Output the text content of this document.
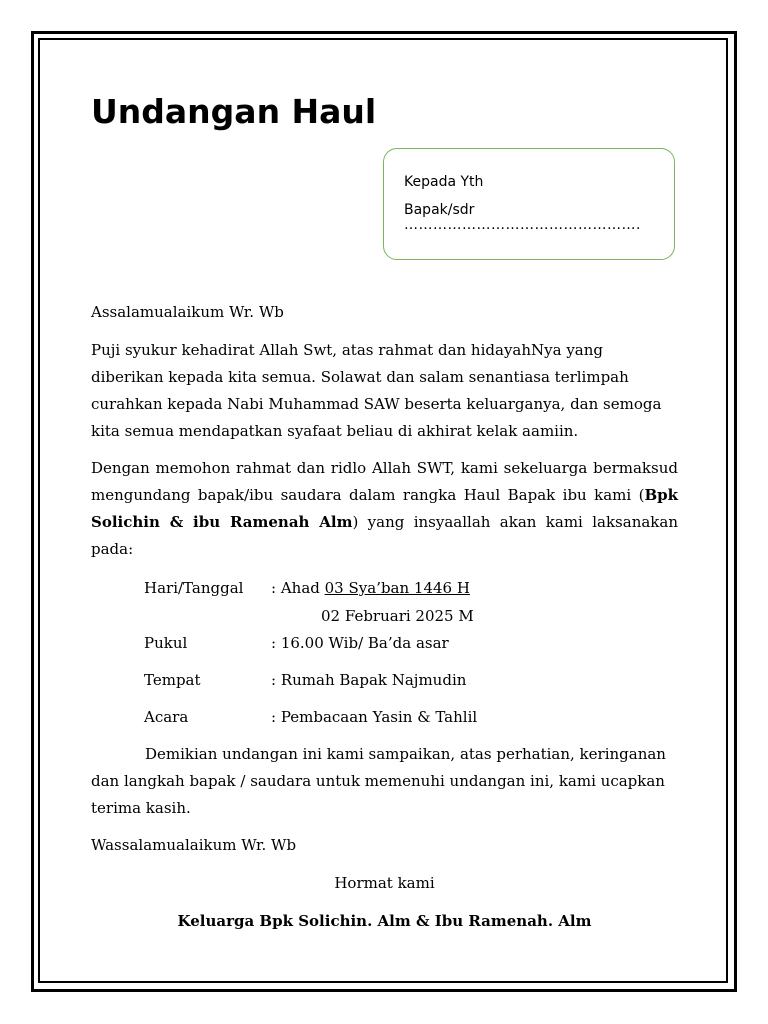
Undangan Haul
Kepada Yth
Bapak/sdr
………………………………………….

Assalamualaikum Wr. Wb

Puji syukur kehadirat Allah Swt, atas rahmat dan hidayahNya yang diberikan kepada kita semua. Solawat dan salam senantiasa terlimpah curahkan kepada Nabi Muhammad SAW beserta keluarganya, dan semoga kita semua mendapatkan syafaat beliau di akhirat kelak aamiin.

Dengan memohon rahmat dan ridlo Allah SWT, kami sekeluarga bermaksud mengundang bapak/ibu saudara dalam rangka Haul Bapak ibu kami (Bpk Solichin & ibu Ramenah Alm) yang insyaallah akan kami laksanakan pada:

Hari/Tanggal : Ahad 03 Sya’ban 1446 H
02 Februari 2025 M
Pukul	: 16.00 Wib/ Ba’da asar
Tempat	: Rumah Bapak Najmudin
Acara	: Pembacaan Yasin & Tahlil

Demikian undangan ini kami sampaikan, atas perhatian, keringanan dan langkah bapak / saudara untuk memenuhi undangan ini, kami ucapkan terima kasih.

Wassalamualaikum Wr. Wb

Hormat kami

Keluarga Bpk Solichin. Alm & Ibu Ramenah. Alm
